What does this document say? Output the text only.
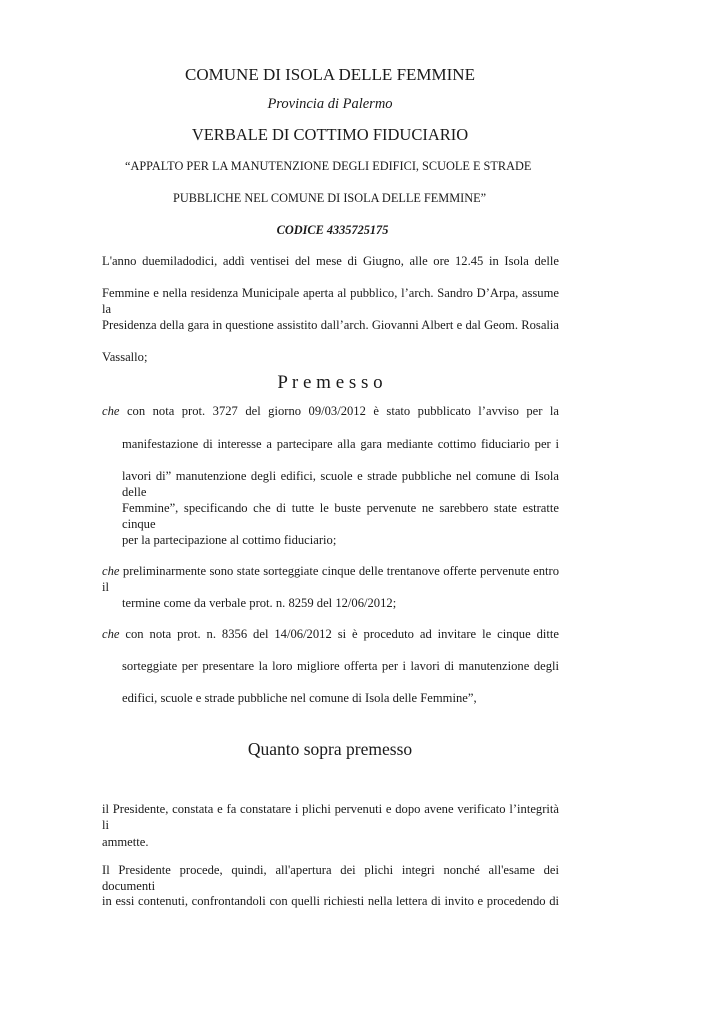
COMUNE DI ISOLA DELLE FEMMINE
Provincia di Palermo
VERBALE DI COTTIMO FIDUCIARIO
“APPALTO PER LA MANUTENZIONE DEGLI EDIFICI, SCUOLE E STRADE
PUBBLICHE NEL COMUNE DI ISOLA DELLE FEMMINE”
CODICE 4335725175
L'anno duemiladodici, addì ventisei del mese di Giugno, alle ore 12.45 in Isola delle
Femmine e nella residenza Municipale aperta al pubblico, l’arch. Sandro D’Arpa, assume la
Presidenza della gara in questione assistito dall’arch. Giovanni Albert e dal Geom. Rosalia
Vassallo;
P r e m e s s o
che con nota prot. 3727 del giorno 09/03/2012 è stato pubblicato l’avviso per la
manifestazione di interesse a partecipare alla gara mediante cottimo fiduciario per i
lavori di” manutenzione degli edifici, scuole e strade pubbliche nel comune di Isola delle
Femmine”, specificando che di tutte le buste pervenute ne sarebbero state estratte cinque
per la partecipazione al cottimo fiduciario;
che preliminarmente sono state sorteggiate cinque delle trentanove offerte pervenute entro il
termine come da verbale prot. n. 8259 del 12/06/2012;
che con nota prot. n. 8356 del 14/06/2012 si è proceduto ad invitare le cinque ditte
sorteggiate per presentare la loro migliore offerta per i lavori di manutenzione degli
edifici, scuole e strade pubbliche nel comune di Isola delle Femmine”,
Quanto sopra premesso
il Presidente, constata e fa constatare i plichi pervenuti e dopo avene verificato l’integrità li
ammette.
Il Presidente procede, quindi, all'apertura dei plichi integri nonché all'esame dei documenti
in essi contenuti, confrontandoli con quelli richiesti nella lettera di invito e procedendo di
